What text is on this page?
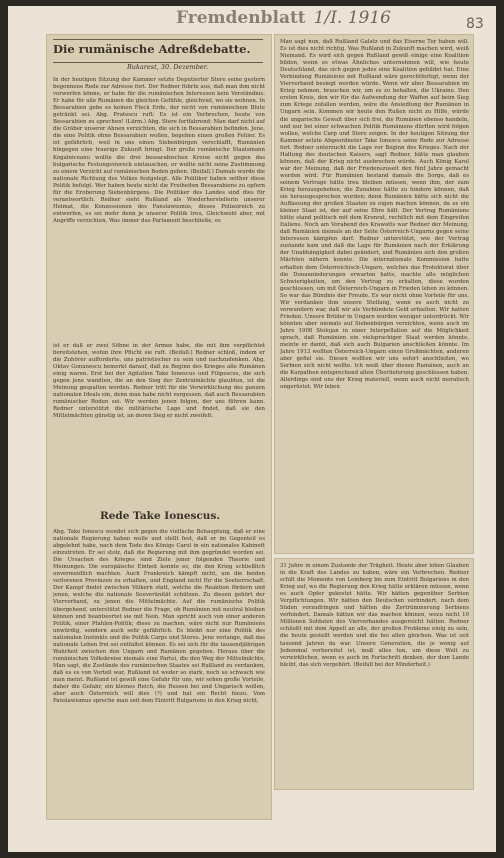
Fremdenblatt 1/I. 1916	83
Die rumänische Adreßdebatte.
Bukarest, 30. Dezember.
In der heutigen Sitzung der Kammer setzte Deputierter Stere seine gestern begonnene Rede zur Adresse fort. Der Redner führte aus, daß man ihm nicht vorwerfen könne, er habe für die rumänischen Interessen kein Verständnis. Er habe für alle Rumänen die gleichen Gefühle, gleichviel, wo sie wohnen. In Bessarabien gebe es keinen Fleck Erde, der nicht von rumänischem Blute getränkt sei. Abg. Pratescu ruft: Es ist ein Verbrechen, heute von Bessarabien zu sprechen! (Lärm.) Abg. Stere fortfahrend: Man darf nicht auf die Gräber unserer Ahnen verzichten, die sich in Bessarabien befinden. Jene, die eine Politik ohne Bessarabien wollen, begehen einen großen Fehler. Es ist gefährlich, weil in uns einen Siebenbürgen verschlafft, Rumänien hingegen eine traurige Zukunft bringt. Der große rumänische Staatsmann Kogalniceanu wollte die drei bessarabischen Kreise nicht gegen das bulgarische Festungsviereck eintauschen, er wollte nicht seine Zustimmung zu einem Verzicht auf rumänischen Boden geben. (Beifall.) Damals wurde die nationale Richtung des Volkes festgelegt. Alle Politiker haben seither diese Politik befolgt. Wer haben heute nicht die Freiheiten Bessarabiens zu opfern für die Eroberung Siebenbürgens. Die Politiker des Landes sind dies für verantwortlich. Redner sieht Rußland als Wiederherstellerin unserer Heimat, die Konzessionen des Panslawismus, dieses Polizeireich zu entwerfen, es sei mehr denn je unserer Politik treu, Gleichwohl aber, mit Angriffe verzichten, Was immer das Parlament beschließe, es
ist er daß er zwei Söhne in der Armee habe, die mit ihm verpflichtet bereitstehen, wohin ihre Pflicht sie ruft. (Beifall.) Redner schloß, indem er die Zuhörer aufforderte, uns patriotischer zu sein und nachzudenken. Abg. Oktav Gonanescu bemerkt darauf, daß zu Beginn des Krieges alle Rumänen einig waren. Erst bei der Agitation Take Ionescus und Filipescus, die sich gegen jene wandten, die an den Sieg der Zentralmächte glaubten, ist die Meinung gespalten worden. Redner tritt für die Verwirklichung des ganzen nationalen Ideals ein, denn man habe nicht vergessen, daß auch Bessarabien rumänischer Boden sei. Wir werden jenen folgen, der uns führen kann. Redner unterstützt die militärische Lage und findet, daß sie den Mittelmächten günstig ist, an deren Sieg er nicht zweifelt.
Rede Take Ionescus.
Abg. Take Ionescu wendet sich gegen die vielfache Behauptung, daß er eine nationale Regierung haben wolle und stellt fest, daß er im Gegenteil es abgelehnt habe, nach dem Tode des Königs Carol in ein nationales Kabinett einzutreten. Er sei stolz, daß die Regierung mit ihm gegründet worden sei. Die Ursachen des Krieges sind Ziele jener folgenden Theorie und Meinungen. Die europäische Einheit konnte es, die den Krieg schließlich unvermeidlich machten. Auch Frankreich kämpft nicht, um die beiden verlorenen Provinzen zu erhalten, und England nicht für die Seeherrschaft. Der Kampf findet zwischen Völkern statt, welche die Reaktion fördern und jenen, welche die nationale Souveränität schützen. Zu diesen gehört der Vierverband, zu jenen die Mittelmächte. Auf die rumänische Politik übergehend, unterstützt Redner die Frage, ob Rumänien mit neutral bleiben können und beantwortet sie mit Nein. Man spricht auch von einer anderen Politik, einer Pfahlen-Politik; diese zu machen, wäre nicht nur Rumäniens unwürdig, sondern auch sehr gefährlich. Es bleibt nur eine Politik des nationalen Instinkts und die Politik Carps und Steres. Jene verlange, daß das nationale Leben frei sei entfaltet können. Es sei sich für die tausendjährigen Wahrheit zwischen den Ungarn und Rumänen gegeben. Heraus über die rumänischen Volkskreise niemals eine Partei, die den Weg der Mittelmächte, Man sagt, die Zustände des rumänischen Staates sei Rußland zu verdanken, daß es es von Vorteil war, Rußland ist weder so stark, noch so schwach wie man meint. Rußland ist gewiß eine Gefahr für uns, wir sehen große Vorteile, daher die Gefahr, ein kleines Reich, die Russen bei und Ungarisch wollen, aber auch Österreich will dies (?) und hat ein Recht hiezu. Vom Panslawismus spreche man seit dem Eintritt Bulgariens in den Krieg nicht,
Man sagt nun, daß Rußland Galatz und das Eiserne Tor haben will. Es ist dies nicht richtig. Was Rußland in Zukunft machen wird, weiß Niemand. Es wird sich gegen Rußland gewiß einige eine Koalition bilden, wenn es etwas Ähnliches unternehmen will, wie heute Deutschland, das sich gegen jedes eine Koalition gebildet hat. Eine Verbindung Rumäniens mit Rußland wäre gerechtfertigt, wenn der Vierverband besiegt werden würde. Wenn wir aber Bessarabien im Krieg nehmen, brauchen wir, um es zu behalten, die Ukraine. Den ersten Kreis, den wir für die Aufwendung der Waffen auf beim Sieg zum Kriege zufallen werden, wäre die Ansiedlung der Rumänen in Ungarn sein. Kommen wir heute den Rußen nicht zu Hilfe, würde die ungarische Gewalt über sich frei, die Rumänen ebenso handeln, und nur bei einer schwachen Politik Rumäniens dürften wird folgen wollen, welche Carp und Stere zeigen. In der heutigen Sitzung der Kammer setzte Abgeordneter Take Ionescu seine Rede zur Adresse fort. Redner unterzucht die Lage vor Beginn des Krieges. Nach der Haltung des deutschen Kaisers, sagt Redner, hätte man glauben können, daß der Krieg nicht ausbrechen würde. Auch König Karol war der Meinung, daß der Friedenszuseit den fünf Jahre gemacht werden wird. Für Rumänien bestand damals die Sorge, daß es seinem Vertrage hätte treu bleiben müssen, wenn ihm, der zum Krieg herausgeheben, die Zunahme hätte zu hindern können, daß sie herausgesprochen wurden; denn Rumänien hätte sich nicht die Auffassung der großen Staaten zu eigen machen können, da es ein kleiner Staat ist, der auf seine Ehre hält. Der Vertrag Rumäniens hätte stand politisch mit dem Kronrat, rechtlich mit dem Eingreifen Italiens. Noch am Vorabend des Krawatts war Redner der Meinung, daß Rumänien niemals an der Seite Österreich-Ungarns gegen seine Interessen kämpfen darf. Redner unterstützt, wie der Vertrag zustande kam und daß die Lage für Rumänien nach der Erklärung der Unabhängigkeit dabei geändert, und Rumänien sich den großen Mächten nähern konnte. Die internationale Kommission hatte erhalten dem Österreichisch-Ungarn, welches das Protektorat über die Donauniederungen erwarten hatte, machte alle möglichen Schwierigkeiten, um den Vertrag zu erhalten, diese wurden geschlossen, um mit Österreich-Ungarn in Frieden leben zu können. So war das Bündnis der Freude. Es war nicht ohne Vorteile für uns. Wir verdanken ihm unsere Stellung, wenn es auch nicht zu verwundern war, daß wir als Verbündete Geld erhielten. Wir hatten Frieden. Unsere Brüder in Ungarn wurden weniger unterdrückt. Wir könnten aber niemals auf Siebenbürgen verzichten, wenn auch im Jahre 1908 Stolojan in einer Interpellation auf die Möglichkeit sprach, daß Rumänien ein vielsprachiger Staat werden könnte, meinte er damit, daß sich auch Bulgarien anschließen könnte. Im Jahre 1913 wollten Österreich-Ungarn einen Großmächten, anderen aber gefiel sie. Diesen wollten wir uns sofort anschließen, wo Serbien sich nicht wollte. Ich weiß über diesen Rumänen, auch an die Karpathen entsprechend alten Überlieferung geschlossen haben. Allerdings sind uns der Krieg materiell, wenn auch nicht moralisch ungerüstet. Wir leben
31 Jahre in einem Zustande der Trägheit. Heute aber leben Glauben in die Kraft des Landes zu haben, wäre ein Verbrechen. Redner schilt die Momente von Lemberg bis zum Eintritt Bulgariens in den Krieg auf, wo die Regierung den Krieg hätte erklären müssen, wenn es auch Opfer gekostet hätte. Wir hätten gegenüber Serbien Verpflichtungen. Wir hätten den Deutschen verhindert, nach dem Süden vorzudringen und hätten die Zertrümmerung Serbiens verhindert. Damals hätten wir das machen können, wozu nicht 10 Millionen Soldaten des Vierverbandes ausgereicht hätten. Redner schließt mit dem Appell an alle, der großen Probleme einig zu sein, die heute gestellt werden und die bei allen gleichen. Was ist seit tausend Jahren da war. Unsere Generation, die je wenig auf Jedemmal vorbereitet ist, muß alles tun, um diese Welt zu verwirklichen, wenn es auch im Fortschritt denken, der dem Lande bleibt, das sich vergehört. (Beifall bei der Minderheit.)
